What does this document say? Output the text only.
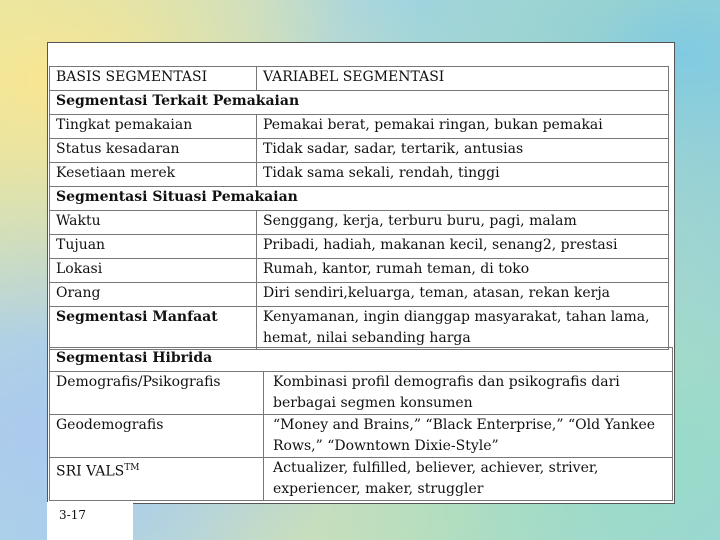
BASIS SEGMENTASI	VARIABEL SEGMENTASI
Segmentasi Terkait Pemakaian	
Tingkat pemakaian	Pemakai berat, pemakai ringan, bukan pemakai
Status kesadaran	Tidak sadar, sadar, tertarik, antusias
Kesetiaan merek	Tidak sama sekali, rendah, tinggi
Segmentasi Situasi Pemakaian	
Waktu	Senggang, kerja, terburu buru, pagi, malam
Tujuan	Pribadi, hadiah, makanan kecil, senang2, prestasi
Lokasi	Rumah, kantor, rumah teman, di toko
Orang	Diri sendiri,keluarga, teman, atasan, rekan kerja
Segmentasi Manfaat	Kenyamanan, ingin dianggap masyarakat, tahan lama, hemat, nilai sebanding harga
Segmentasi Hibrida	
Demografis/Psikografis	Kombinasi profil demografis dan psikografis dari berbagai segmen konsumen
Geodemografis	“Money and Brains,” “Black Enterprise,” “Old Yankee Rows,” “Downtown Dixie-Style”
SRI VALS™	Actualizer, fulfilled, believer, achiever, striver, experiencer, maker, struggler
3-17
